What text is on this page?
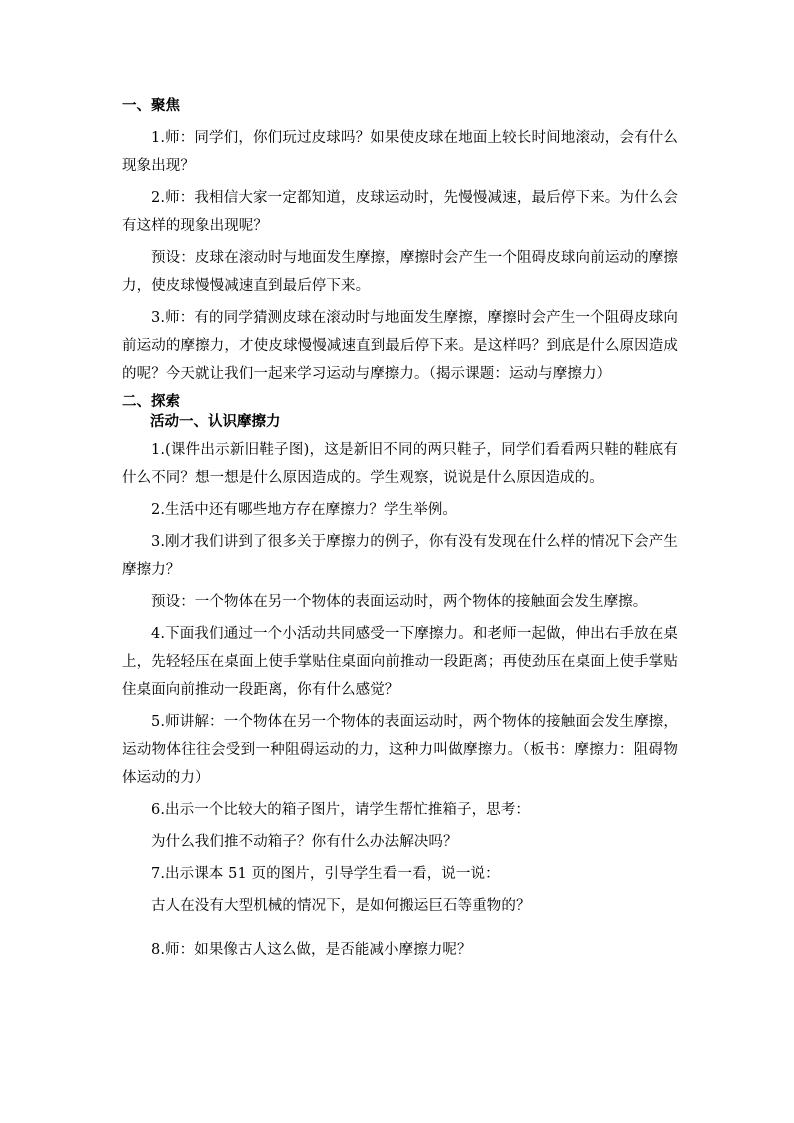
一、聚焦

1.师：同学们，你们玩过皮球吗？如果使皮球在地面上较长时间地滚动，会有什么现象出现？

2.师：我相信大家一定都知道，皮球运动时，先慢慢减速，最后停下来。为什么会有这样的现象出现呢？

预设：皮球在滚动时与地面发生摩擦，摩擦时会产生一个阻碍皮球向前运动的摩擦力，使皮球慢慢减速直到最后停下来。

3.师：有的同学猜测皮球在滚动时与地面发生摩擦，摩擦时会产生一个阻碍皮球向前运动的摩擦力，才使皮球慢慢减速直到最后停下来。是这样吗？到底是什么原因造成的呢？今天就让我们一起来学习运动与摩擦力。（揭示课题：运动与摩擦力）

二、探索
活动一、认识摩擦力

1.(课件出示新旧鞋子图)，这是新旧不同的两只鞋子，同学们看看两只鞋的鞋底有什么不同？想一想是什么原因造成的。学生观察，说说是什么原因造成的。

2.生活中还有哪些地方存在摩擦力？学生举例。

3.刚才我们讲到了很多关于摩擦力的例子，你有没有发现在什么样的情况下会产生摩擦力？

预设：一个物体在另一个物体的表面运动时，两个物体的接触面会发生摩擦。

4.下面我们通过一个小活动共同感受一下摩擦力。和老师一起做，伸出右手放在桌上，先轻轻压在桌面上使手掌贴住桌面向前推动一段距离；再使劲压在桌面上使手掌贴住桌面向前推动一段距离，你有什么感觉？

5.师讲解：一个物体在另一个物体的表面运动时，两个物体的接触面会发生摩擦，运动物体往往会受到一种阻碍运动的力，这种力叫做摩擦力。（板书：摩擦力：阻碍物体运动的力）

6.出示一个比较大的箱子图片，请学生帮忙推箱子，思考：

为什么我们推不动箱子？你有什么办法解决吗？

7.出示课本 51 页的图片，引导学生看一看，说一说：

古人在没有大型机械的情况下，是如何搬运巨石等重物的？

8.师：如果像古人这么做，是否能减小摩擦力呢？
